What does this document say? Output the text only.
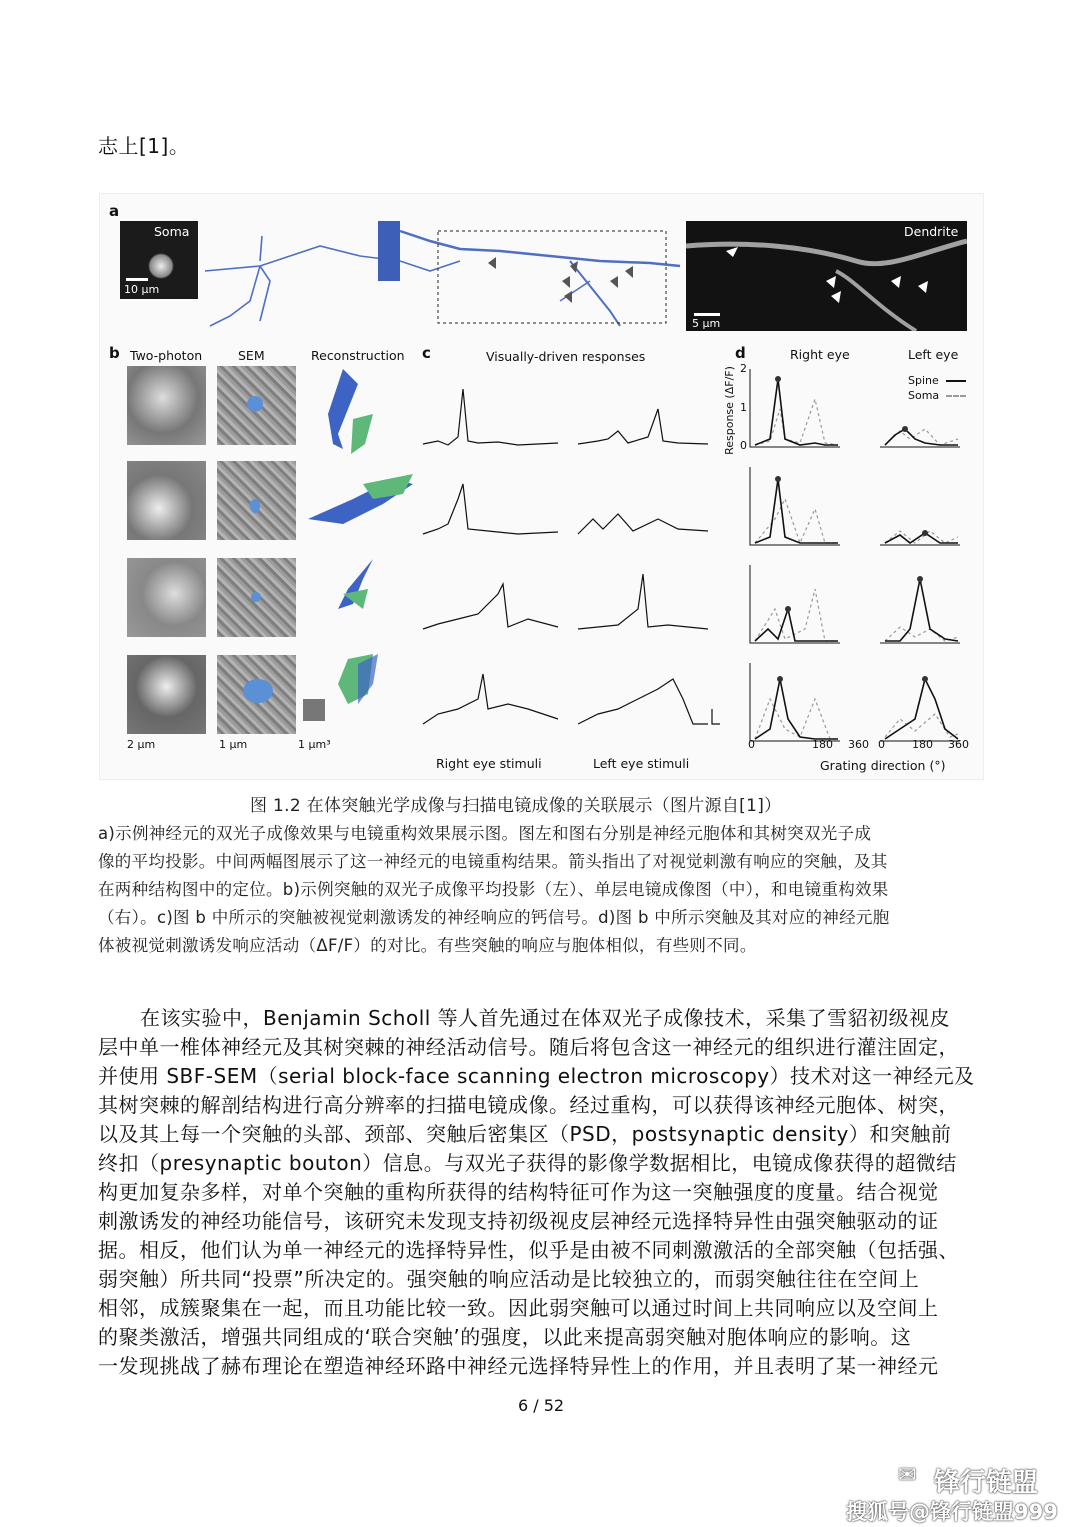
志上[1]。
a
Soma
10 μm
Dendrite
5 μm
b Two-photon	SEM	Reconstruction
2 μm	1 μm	1 μm³
c	Visually-driven responses
Right eye stimuli	Left eye stimuli
d	Right eye	Left eye
Spine
Soma
2
1
0
Response (ΔF/F)
0	180 360 0 180 360
Grating direction (°)
图 1.2 在体突触光学成像与扫描电镜成像的关联展示（图片源自[1]）
a)示例神经元的双光子成像效果与电镜重构效果展示图。图左和图右分别是神经元胞体和其树突双光子成
像的平均投影。中间两幅图展示了这一神经元的电镜重构结果。箭头指出了对视觉刺激有响应的突触，及其
在两种结构图中的定位。b)示例突触的双光子成像平均投影（左）、单层电镜成像图（中），和电镜重构效果
（右）。c)图 b 中所示的突触被视觉刺激诱发的神经响应的钙信号。d)图 b 中所示突触及其对应的神经元胞
体被视觉刺激诱发响应活动（ΔF/F）的对比。有些突触的响应与胞体相似，有些则不同。
在该实验中，Benjamin Scholl 等人首先通过在体双光子成像技术，采集了雪貂初级视皮
层中单一椎体神经元及其树突棘的神经活动信号。随后将包含这一神经元的组织进行灌注固定，
并使用 SBF-SEM（serial block-face scanning electron microscopy）技术对这一神经元及
其树突棘的解剖结构进行高分辨率的扫描电镜成像。经过重构，可以获得该神经元胞体、树突，
以及其上每一个突触的头部、颈部、突触后密集区（PSD，postsynaptic density）和突触前
终扣（presynaptic bouton）信息。与双光子获得的影像学数据相比，电镜成像获得的超微结
构更加复杂多样，对单个突触的重构所获得的结构特征可作为这一突触强度的度量。结合视觉
刺激诱发的神经功能信号，该研究未发现支持初级视皮层神经元选择特异性由强突触驱动的证
据。相反，他们认为单一神经元的选择特异性，似乎是由被不同刺激激活的全部突触（包括强、
弱突触）所共同“投票”所决定的。强突触的响应活动是比较独立的，而弱突触往往在空间上
相邻，成簇聚集在一起，而且功能比较一致。因此弱突触可以通过时间上共同响应以及空间上
的聚类激活，增强共同组成的‘联合突触’的强度，以此来提高弱突触对胞体响应的影响。这
一发现挑战了赫布理论在塑造神经环路中神经元选择特异性上的作用，并且表明了某一神经元
6 / 52
✉ 锋行链盟
搜狐号@锋行链盟999
